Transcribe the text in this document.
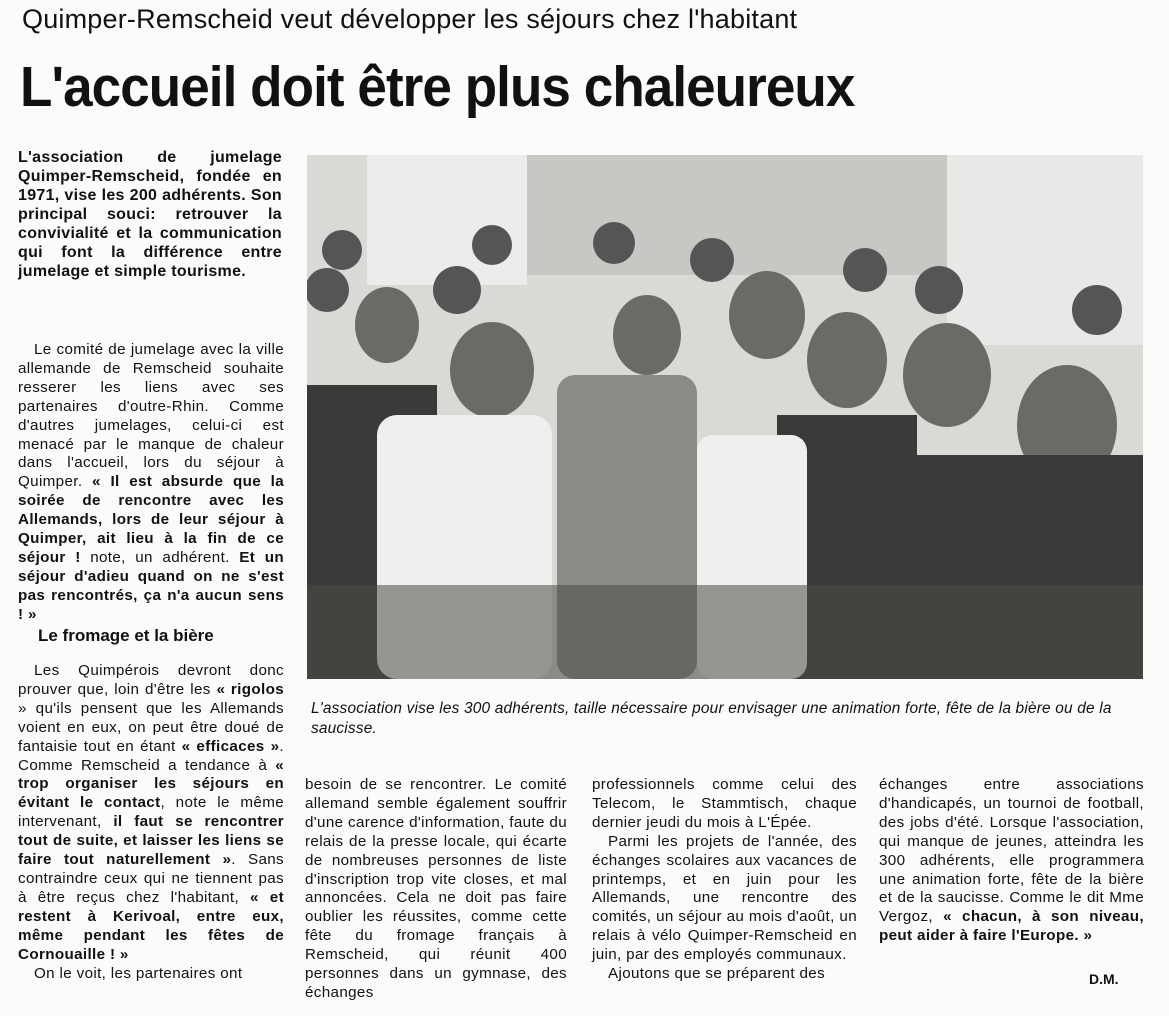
Quimper-Remscheid veut développer les séjours chez l'habitant
L'accueil doit être plus chaleureux
L'association de jumelage Quimper-Remscheid, fondée en 1971, vise les 200 adhérents. Son principal souci: retrouver la convivialité et la communication qui font la différence entre jumelage et simple tourisme.

Le comité de jumelage avec la ville allemande de Remscheid souhaite resserer les liens avec ses partenaires d'outre-Rhin. Comme d'autres jumelages, celui-ci est menacé par le manque de chaleur dans l'accueil, lors du séjour à Quimper. « Il est absurde que la soirée de rencontre avec les Allemands, lors de leur séjour à Quimper, ait lieu à la fin de ce séjour ! note, un adhérent. Et un séjour d'adieu quand on ne s'est pas rencontrés, ça n'a aucun sens ! »

Le fromage et la bière

Les Quimpérois devront donc prouver que, loin d'être les « rigolos » qu'ils pensent que les Allemands voient en eux, on peut être doué de fantaisie tout en étant « efficaces ». Comme Remscheid a tendance à « trop organiser les séjours en évitant le contact, note le même intervenant, il faut se rencontrer tout de suite, et laisser les liens se faire tout naturellement ». Sans contraindre ceux qui ne tiennent pas à être reçus chez l'habitant, « et restent à Kerivoal, entre eux, même pendant les fêtes de Cornouaille ! »

On le voit, les partenaires ont

L'association vise les 300 adhérents, taille nécessaire pour envisager une animation forte, fête de la bière ou de la saucisse.

besoin de se rencontrer. Le comité allemand semble également souffrir d'une carence d'information, faute du relais de la presse locale, qui écarte de nombreuses personnes de liste d'inscription trop vite closes, et mal annoncées. Cela ne doit pas faire oublier les réussites, comme cette fête du fromage français à Remscheid, qui réunit 400 personnes dans un gymnase, des échanges

professionnels comme celui des Telecom, le Stammtisch, chaque dernier jeudi du mois à L'Épée.

Parmi les projets de l'année, des échanges scolaires aux vacances de printemps, et en juin pour les Allemands, une rencontre des comités, un séjour au mois d'août, un relais à vélo Quimper-Remscheid en juin, par des employés communaux.

Ajoutons que se préparent des

échanges entre associations d'handicapés, un tournoi de football, des jobs d'été. Lorsque l'association, qui manque de jeunes, atteindra les 300 adhérents, elle programmera une animation forte, fête de la bière et de la saucisse. Comme le dit Mme Vergoz, « chacun, à son niveau, peut aider à faire l'Europe. »

D.M.
